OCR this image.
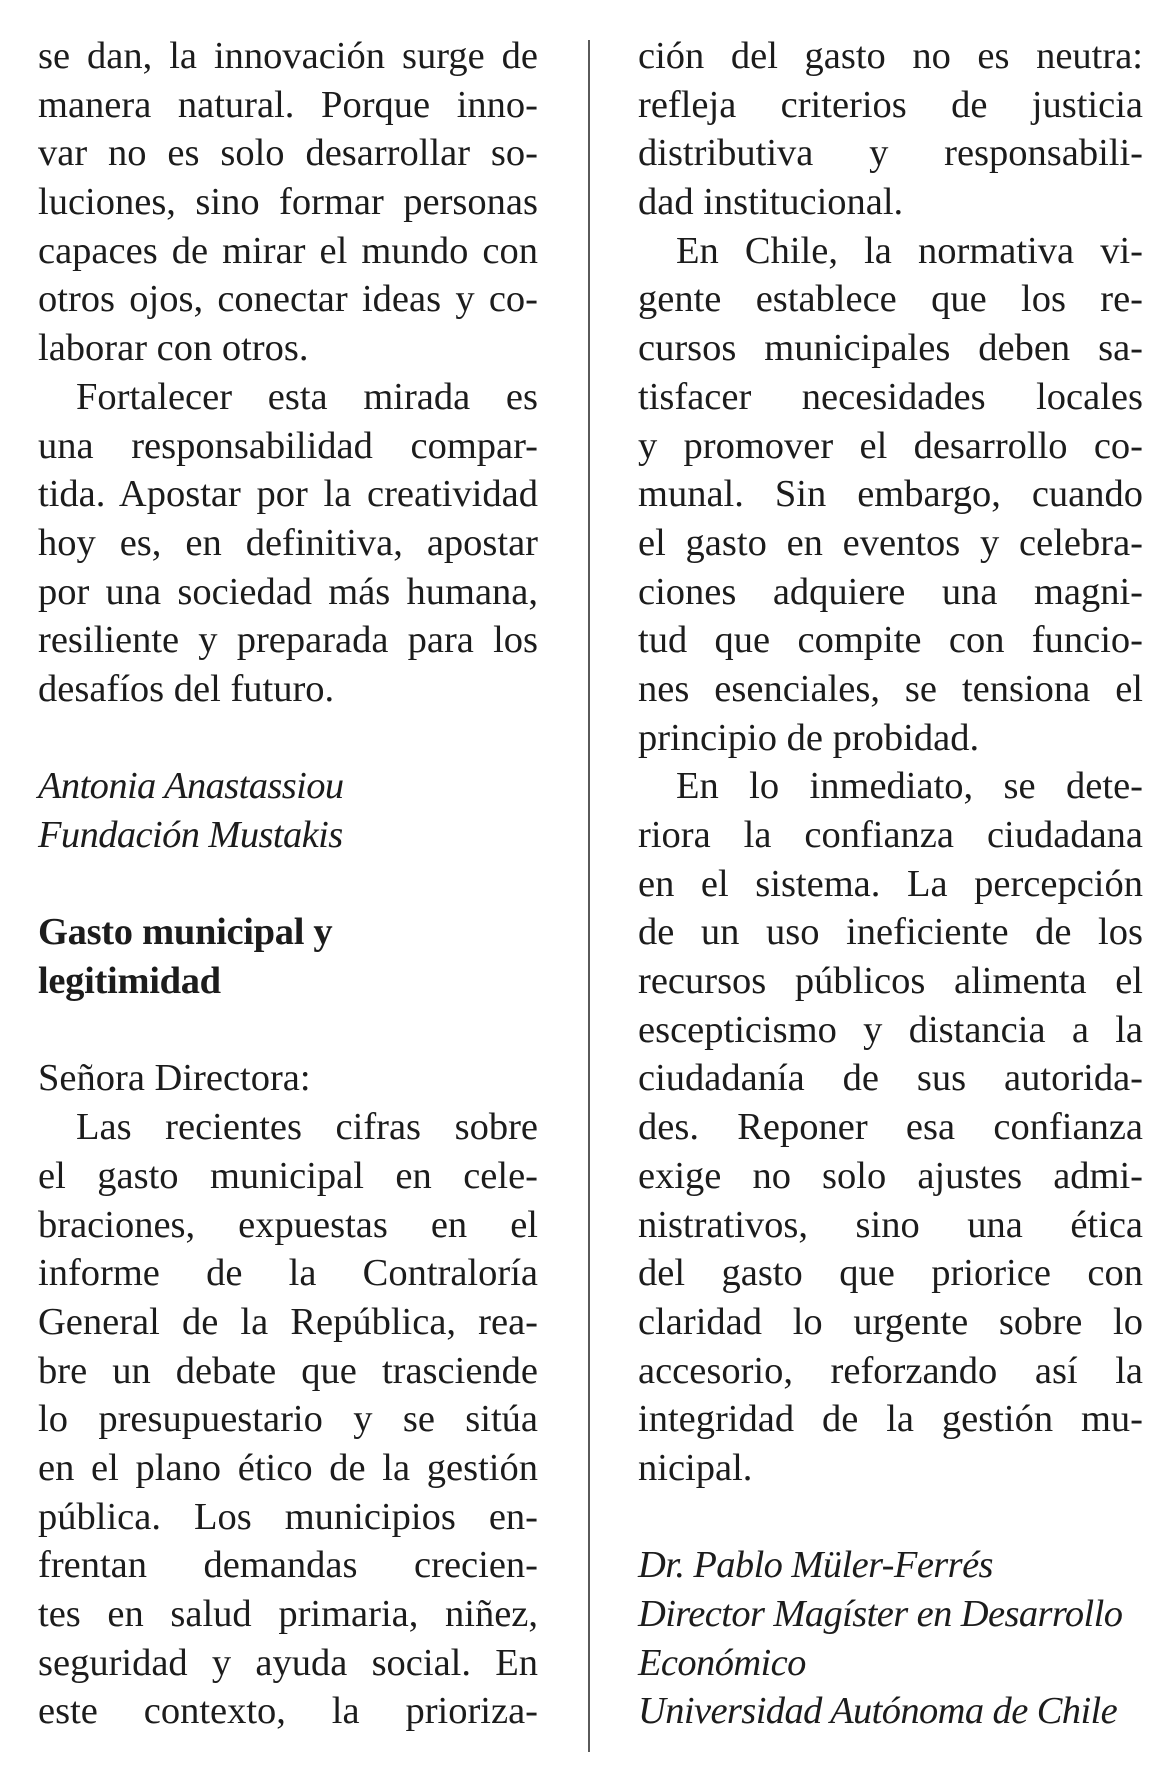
se dan, la innovación surge de
manera natural. Porque inno-
var no es solo desarrollar so-
luciones, sino formar personas
capaces de mirar el mundo con
otros ojos, conectar ideas y co-
laborar con otros.
Fortalecer esta mirada es
una responsabilidad compar-
tida. Apostar por la creatividad
hoy es, en definitiva, apostar
por una sociedad más humana,
resiliente y preparada para los
desafíos del futuro.
Antonia Anastassiou
Fundación Mustakis
Gasto municipal y
legitimidad
Señora Directora:
Las recientes cifras sobre
el gasto municipal en cele-
braciones, expuestas en el
informe de la Contraloría
General de la República, rea-
bre un debate que trasciende
lo presupuestario y se sitúa
en el plano ético de la gestión
pública. Los municipios en-
frentan demandas crecien-
tes en salud primaria, niñez,
seguridad y ayuda social. En
este contexto, la prioriza-
ción del gasto no es neutra:
refleja criterios de justicia
distributiva y responsabili-
dad institucional.
En Chile, la normativa vi-
gente establece que los re-
cursos municipales deben sa-
tisfacer necesidades locales
y promover el desarrollo co-
munal. Sin embargo, cuando
el gasto en eventos y celebra-
ciones adquiere una magni-
tud que compite con funcio-
nes esenciales, se tensiona el
principio de probidad.
En lo inmediato, se dete-
riora la confianza ciudadana
en el sistema. La percepción
de un uso ineficiente de los
recursos públicos alimenta el
escepticismo y distancia a la
ciudadanía de sus autorida-
des. Reponer esa confianza
exige no solo ajustes admi-
nistrativos, sino una ética
del gasto que priorice con
claridad lo urgente sobre lo
accesorio, reforzando así la
integridad de la gestión mu-
nicipal.
Dr. Pablo Müler-Ferrés
Director Magíster en Desarrollo
Económico
Universidad Autónoma de Chile
